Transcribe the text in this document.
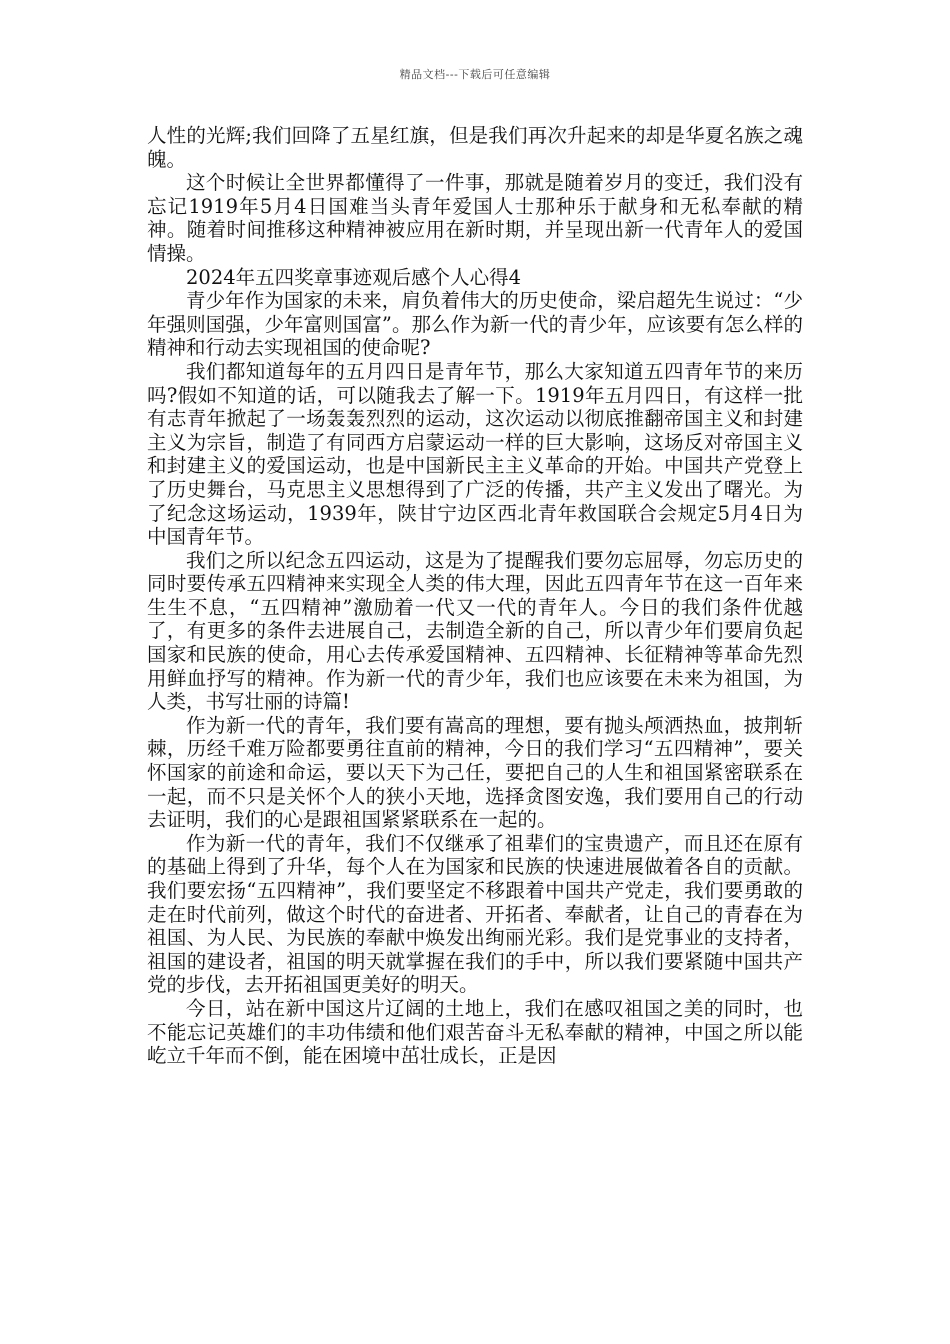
精品文档---下载后可任意编辑

人性的光辉;我们回降了五星红旗，但是我们再次升起来的却是华夏名族之魂魄。

这个时候让全世界都懂得了一件事，那就是随着岁月的变迁，我们没有忘记1919年5月4日国难当头青年爱国人士那种乐于献身和无私奉献的精神。随着时间推移这种精神被应用在新时期，并呈现出新一代青年人的爱国情操。

2024年五四奖章事迹观后感个人心得4

青少年作为国家的未来，肩负着伟大的历史使命，梁启超先生说过：“少年强则国强，少年富则国富”。那么作为新一代的青少年，应该要有怎么样的精神和行动去实现祖国的使命呢?

我们都知道每年的五月四日是青年节，那么大家知道五四青年节的来历吗?假如不知道的话，可以随我去了解一下。1919年五月四日，有这样一批有志青年掀起了一场轰轰烈烈的运动，这次运动以彻底推翻帝国主义和封建主义为宗旨，制造了有同西方启蒙运动一样的巨大影响，这场反对帝国主义和封建主义的爱国运动，也是中国新民主主义革命的开始。中国共产党登上了历史舞台，马克思主义思想得到了广泛的传播，共产主义发出了曙光。为了纪念这场运动，1939年，陕甘宁边区西北青年救国联合会规定5月4日为中国青年节。

我们之所以纪念五四运动，这是为了提醒我们要勿忘屈辱，勿忘历史的同时要传承五四精神来实现全人类的伟大理，因此五四青年节在这一百年来生生不息，“五四精神”激励着一代又一代的青年人。今日的我们条件优越了，有更多的条件去进展自己，去制造全新的自己，所以青少年们要肩负起国家和民族的使命，用心去传承爱国精神、五四精神、长征精神等革命先烈用鲜血抒写的精神。作为新一代的青少年，我们也应该要在未来为祖国，为人类，书写壮丽的诗篇!

作为新一代的青年，我们要有嵩高的理想，要有抛头颅洒热血，披荆斩棘，历经千难万险都要勇往直前的精神，今日的我们学习“五四精神”，要关怀国家的前途和命运，要以天下为己任，要把自己的人生和祖国紧密联系在一起，而不只是关怀个人的狭小天地，选择贪图安逸，我们要用自己的行动去证明，我们的心是跟祖国紧紧联系在一起的。

作为新一代的青年，我们不仅继承了祖辈们的宝贵遗产，而且还在原有的基础上得到了升华，每个人在为国家和民族的快速进展做着各自的贡献。我们要宏扬“五四精神”，我们要坚定不移跟着中国共产党走，我们要勇敢的走在时代前列，做这个时代的奋进者、开拓者、奉献者，让自己的青春在为祖国、为人民、为民族的奉献中焕发出绚丽光彩。我们是党事业的支持者，祖国的建设者，祖国的明天就掌握在我们的手中，所以我们要紧随中国共产党的步伐，去开拓祖国更美好的明天。

今日，站在新中国这片辽阔的土地上，我们在感叹祖国之美的同时，也不能忘记英雄们的丰功伟绩和他们艰苦奋斗无私奉献的精神，中国之所以能屹立千年而不倒，能在困境中茁壮成长，正是因
